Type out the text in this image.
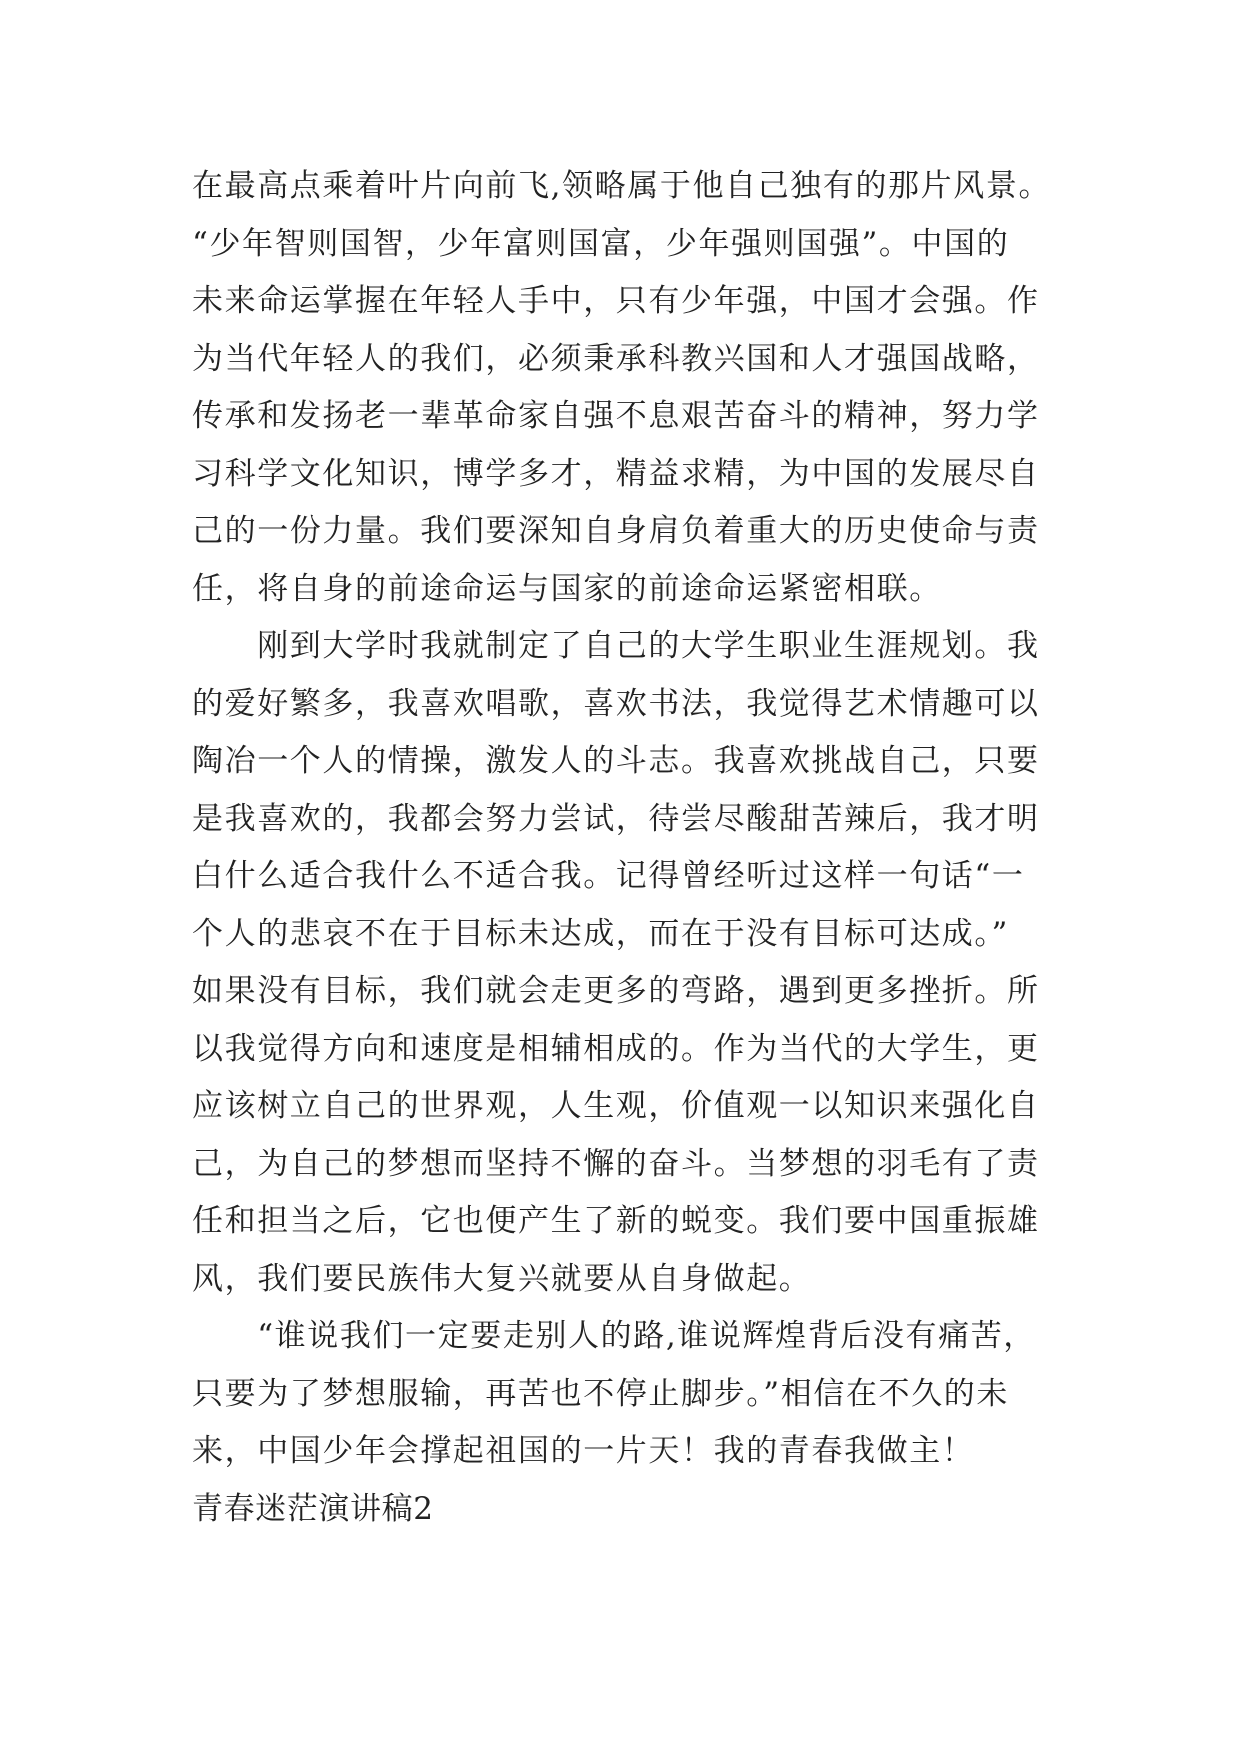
在最高点乘着叶片向前飞,领略属于他自己独有的那片风景。
“少年智则国智，少年富则国富，少年强则国强”。中国的
未来命运掌握在年轻人手中，只有少年强，中国才会强。作
为当代年轻人的我们，必须秉承科教兴国和人才强国战略，
传承和发扬老一辈革命家自强不息艰苦奋斗的精神，努力学
习科学文化知识，博学多才，精益求精，为中国的发展尽自
己的一份力量。我们要深知自身肩负着重大的历史使命与责
任，将自身的前途命运与国家的前途命运紧密相联。
　　刚到大学时我就制定了自己的大学生职业生涯规划。我
的爱好繁多，我喜欢唱歌，喜欢书法，我觉得艺术情趣可以
陶冶一个人的情操，激发人的斗志。我喜欢挑战自己，只要
是我喜欢的，我都会努力尝试，待尝尽酸甜苦辣后，我才明
白什么适合我什么不适合我。记得曾经听过这样一句话“一
个人的悲哀不在于目标未达成，而在于没有目标可达成。”
如果没有目标，我们就会走更多的弯路，遇到更多挫折。所
以我觉得方向和速度是相辅相成的。作为当代的大学生，更
应该树立自己的世界观，人生观，价值观一以知识来强化自
己，为自己的梦想而坚持不懈的奋斗。当梦想的羽毛有了责
任和担当之后，它也便产生了新的蜕变。我们要中国重振雄
风，我们要民族伟大复兴就要从自身做起。
　　“谁说我们一定要走别人的路,谁说辉煌背后没有痛苦，
只要为了梦想服输，再苦也不停止脚步。”相信在不久的未
来，中国少年会撑起祖国的一片天！我的青春我做主！
青春迷茫演讲稿2
